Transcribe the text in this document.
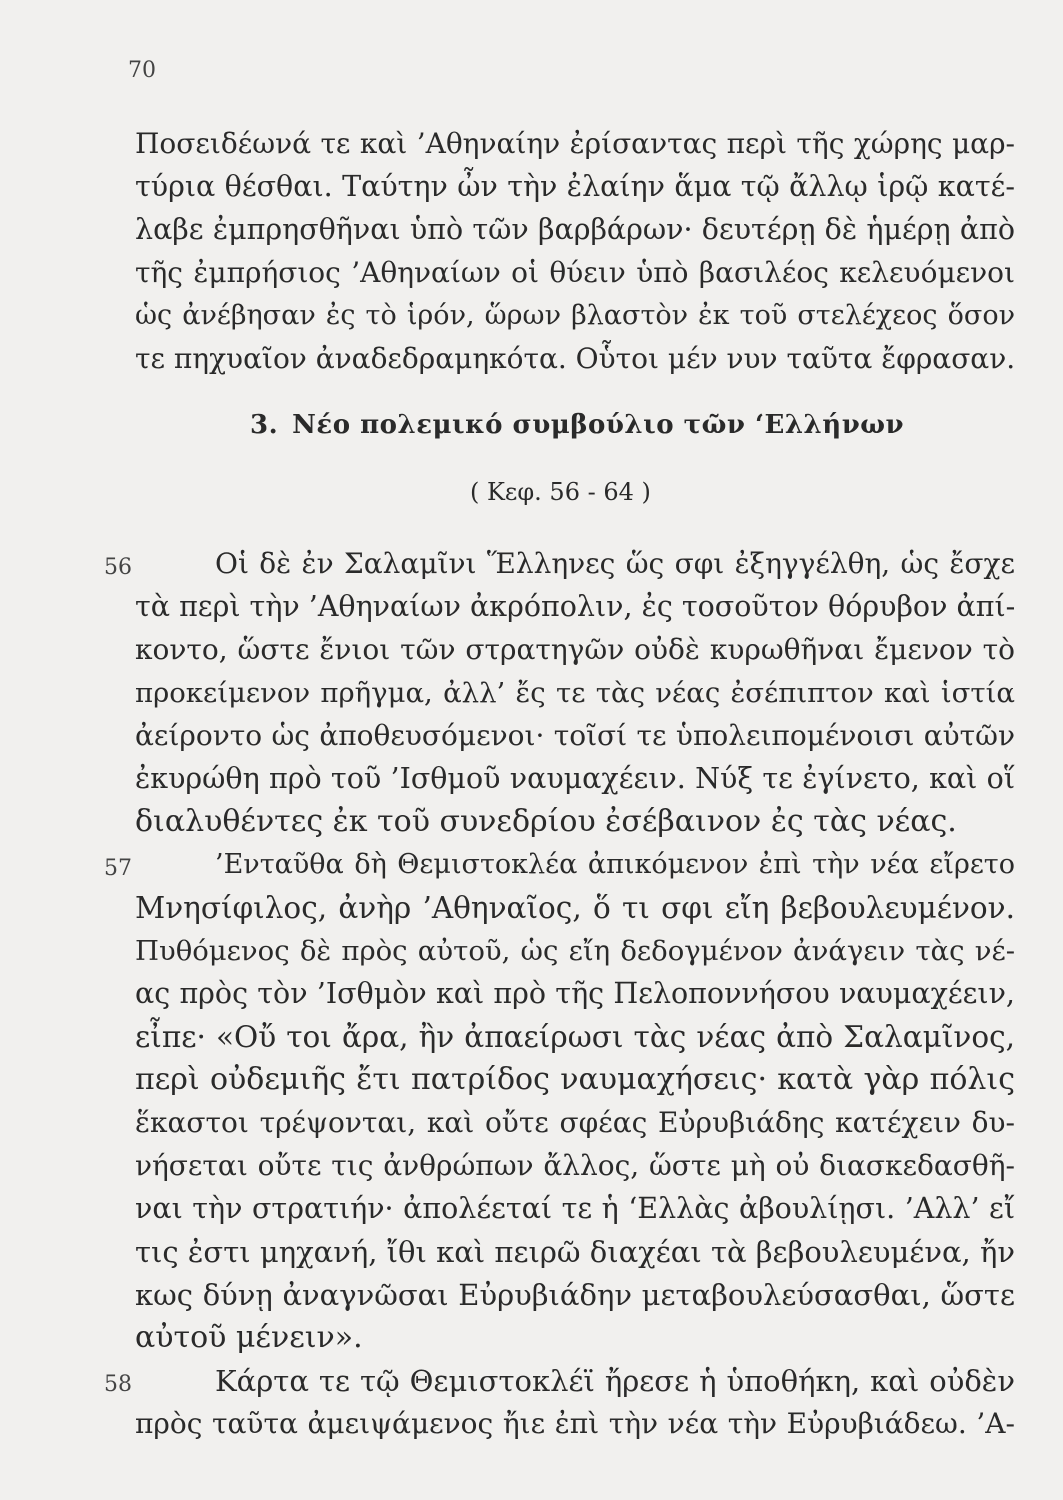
70
Ποσειδέωνά τε καὶ ’Αθηναίην ἐρίσαντας περὶ τῆς χώρης μαρ-
τύρια θέσθαι. Ταύτην ὦν τὴν ἐλαίην ἅμα τῷ ἄλλῳ ἱρῷ κατέ-
λαβε ἐμπρησθῆναι ὑπὸ τῶν βαρβάρων· δευτέρῃ δὲ ἡμέρῃ ἀπὸ
τῆς ἐμπρήσιος ’Αθηναίων οἱ θύειν ὑπὸ βασιλέος κελευόμενοι
ὡς ἀνέβησαν ἐς τὸ ἱρόν, ὥρων βλαστὸν ἐκ τοῦ στελέχεος ὅσον
τε πηχυαῖον ἀναδεδραμηκότα. Οὗτοι μέν νυν ταῦτα ἔφρασαν.
3. Νέο πολεμικό συμβούλιο τῶν ‘Ελλήνων
( Κεφ. 56 - 64 )
56	Οἱ δὲ ἐν Σαλαμῖνι Ἕλληνες ὥς σφι ἐξηγγέλθη, ὡς ἔσχε
τὰ περὶ τὴν ’Αθηναίων ἀκρόπολιν, ἐς τοσοῦτον θόρυβον ἀπί-
κοντο, ὥστε ἔνιοι τῶν στρατηγῶν οὐδὲ κυρωθῆναι ἔμενον τὸ
προκείμενον πρῆγμα, ἀλλ’ ἔς τε τὰς νέας ἐσέπιπτον καὶ ἱστία
ἀείροντο ὡς ἀποθευσόμενοι· τοῖσί τε ὑπολειπομένοισι αὐτῶν
ἐκυρώθη πρὸ τοῦ ’Ισθμοῦ ναυμαχέειν. Νύξ τε ἐγίνετο, καὶ οἵ
διαλυθέντες ἐκ τοῦ συνεδρίου ἐσέβαινον ἐς τὰς νέας.
57	’Ενταῦθα δὴ Θεμιστοκλέα ἀπικόμενον ἐπὶ τὴν νέα εἴρετο
Μνησίφιλος, ἀνὴρ ’Αθηναῖος, ὅ τι σφι εἴη βεβουλευμένον.
Πυθόμενος δὲ πρὸς αὐτοῦ, ὡς εἴη δεδογμένον ἀνάγειν τὰς νέ-
ας πρὸς τὸν ’Ισθμὸν καὶ πρὸ τῆς Πελοποννήσου ναυμαχέειν,
εἶπε· «Οὔ τοι ἄρα, ἢν ἀπαείρωσι τὰς νέας ἀπὸ Σαλαμῖνος,
περὶ οὐδεμιῆς ἔτι πατρίδος ναυμαχήσεις· κατὰ γὰρ πόλις
ἕκαστοι τρέψονται, καὶ οὔτε σφέας Εὐρυβιάδης κατέχειν δυ-
νήσεται οὔτε τις ἀνθρώπων ἄλλος, ὥστε μὴ οὐ διασκεδασθῆ-
ναι τὴν στρατιήν· ἀπολέεταί τε ἡ ‘Ελλὰς ἀβουλίῃσι. ’Αλλ’ εἴ
τις ἐστι μηχανή, ἴθι καὶ πειρῶ διαχέαι τὰ βεβουλευμένα, ἤν
κως δύνῃ ἀναγνῶσαι Εὐρυβιάδην μεταβουλεύσασθαι, ὥστε
αὐτοῦ μένειν».
58	Κάρτα τε τῷ Θεμιστοκλέϊ ἤρεσε ἡ ὑποθήκη, καὶ οὐδὲν
πρὸς ταῦτα ἀμειψάμενος ἤιε ἐπὶ τὴν νέα τὴν Εὐρυβιάδεω. ’Α-
